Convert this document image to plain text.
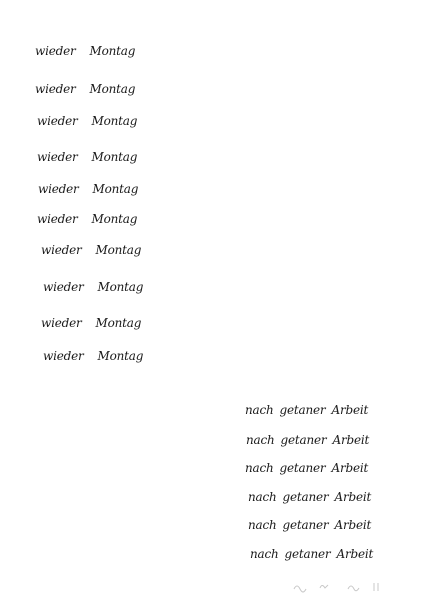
wieder Montag
wieder Montag
wieder Montag
wieder Montag
wieder Montag
wieder Montag
wieder Montag
wieder Montag
wieder Montag
wieder Montag
nach getaner Arbeit
nach getaner Arbeit
nach getaner Arbeit
nach getaner Arbeit
nach getaner Arbeit
nach getaner Arbeit
